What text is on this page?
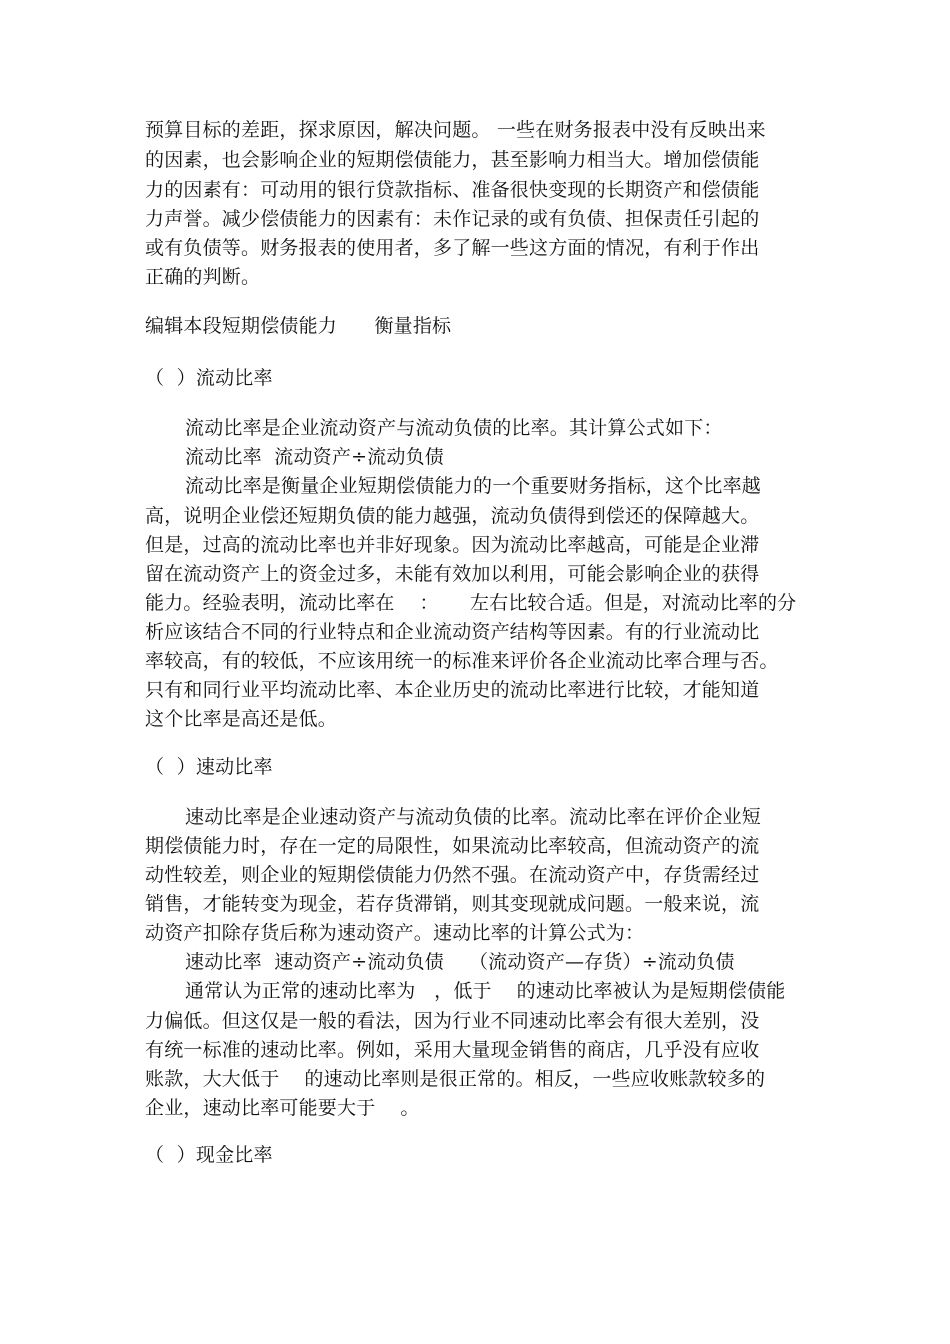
预算目标的差距，探求原因，解决问题。 一些在财务报表中没有反映出来
的因素，也会影响企业的短期偿债能力，甚至影响力相当大。增加偿债能
力的因素有：可动用的银行贷款指标、准备很快变现的长期资产和偿债能
力声誉。减少偿债能力的因素有：未作记录的或有负债、担保责任引起的
或有负债等。财务报表的使用者，多了解一些这方面的情况，有利于作出
正确的判断。
编辑本段短期偿债能力      衡量指标
（  ）流动比率
流动比率是企业流动资产与流动负债的比率。其计算公式如下：
流动比率  流动资产÷流动负债
流动比率是衡量企业短期偿债能力的一个重要财务指标，这个比率越
高，说明企业偿还短期负债的能力越强，流动负债得到偿还的保障越大。
但是，过高的流动比率也并非好现象。因为流动比率越高，可能是企业滞
留在流动资产上的资金过多，未能有效加以利用，可能会影响企业的获得
能力。经验表明，流动比率在    ：     左右比较合适。但是，对流动比率的分
析应该结合不同的行业特点和企业流动资产结构等因素。有的行业流动比
率较高，有的较低，不应该用统一的标准来评价各企业流动比率合理与否。
只有和同行业平均流动比率、本企业历史的流动比率进行比较，才能知道
这个比率是高还是低。
（  ）速动比率
速动比率是企业速动资产与流动负债的比率。流动比率在评价企业短
期偿债能力时，存在一定的局限性，如果流动比率较高，但流动资产的流
动性较差，则企业的短期偿债能力仍然不强。在流动资产中，存货需经过
销售，才能转变为现金，若存货滞销，则其变现就成问题。一般来说，流
动资产扣除存货后称为速动资产。速动比率的计算公式为：
速动比率  速动资产÷流动负债    （流动资产—存货）÷流动负债
通常认为正常的速动比率为   ，低于    的速动比率被认为是短期偿债能
力偏低。但这仅是一般的看法，因为行业不同速动比率会有很大差别，没
有统一标准的速动比率。例如，采用大量现金销售的商店，几乎没有应收
账款，大大低于    的速动比率则是很正常的。相反，一些应收账款较多的
企业，速动比率可能要大于    。
（  ）现金比率
